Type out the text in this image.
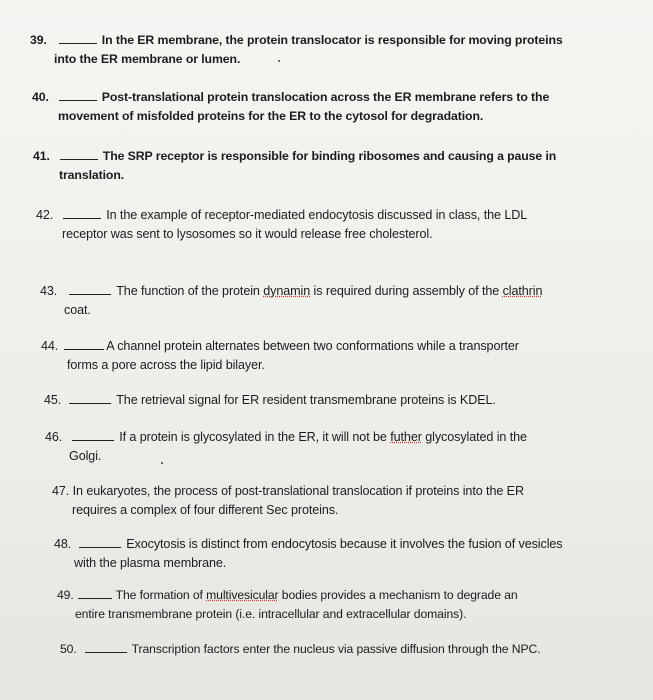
39.	In the ER membrane, the protein translocator is responsible for moving proteins
into the ER membrane or lumen.
40.	Post-translational protein translocation across the ER membrane refers to the
movement of misfolded proteins for the ER to the cytosol for degradation.
41.	The SRP receptor is responsible for binding ribosomes and causing a pause in
translation.
42.	In the example of receptor-mediated endocytosis discussed in class, the LDL
receptor was sent to lysosomes so it would release free cholesterol.
43.	The function of the protein dynamin is required during assembly of the clathrin
coat.
44.	A channel protein alternates between two conformations while a transporter
forms a pore across the lipid bilayer.
45.	The retrieval signal for ER resident transmembrane proteins is KDEL.
46.	If a protein is glycosylated in the ER, it will not be futher glycosylated in the
Golgi.
47. In eukaryotes, the process of post-translational translocation if proteins into the ER
requires a complex of four different Sec proteins.
48.	Exocytosis is distinct from endocytosis because it involves the fusion of vesicles
with the plasma membrane.
49.	The formation of multivesicular bodies provides a mechanism to degrade an
entire transmembrane protein (i.e. intracellular and extracellular domains).
50.	Transcription factors enter the nucleus via passive diffusion through the NPC.
